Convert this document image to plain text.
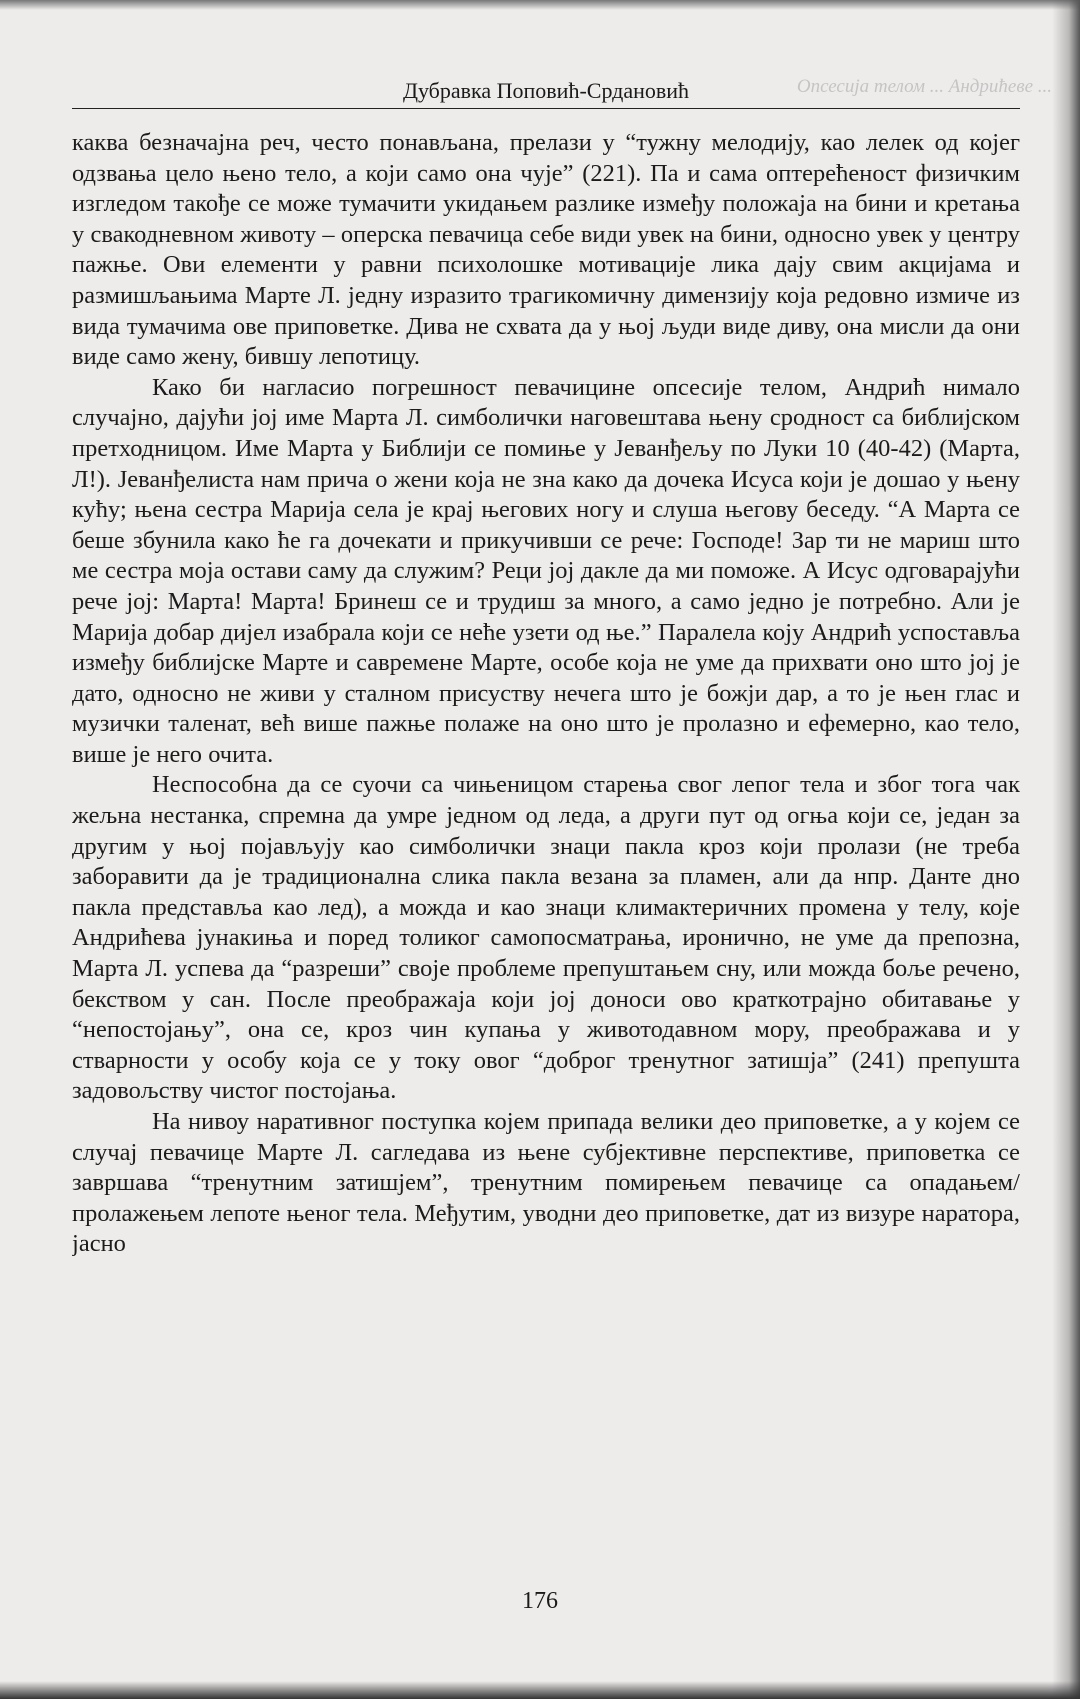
Опсесија телом ... Андрићеве ...
Дубравка Поповић-Срдановић

каква безначајна реч, често понављана, прелази у “тужну мелодију, као лелек од којег одзвања цело њено тело, а који само она чује” (221). Па и сама оптерећеност физичким изгледом такође се може тумачити укидањем разлике између положаја на бини и кретања у свакодневном животу – оперска певачица себе види увек на бини, односно увек у центру пажње. Ови елементи у равни психолошке мотивације лика дају свим акцијама и размишљањима Марте Л. једну изразито трагикомичну димензију која редовно измиче из вида тумачима ове приповетке. Дива не схвата да у њој људи виде диву, она мисли да они виде само жену, бившу лепотицу.

Како би нагласио погрешност певачицине опсесије телом, Андрић нимало случајно, дајући јој име Марта Л. симболички наговештава њену сродност са библијском претходницом. Име Марта у Библији се помиње у Јеванђељу по Луки 10 (40-42) (Марта, Л!). Јеванђелиста нам прича о жени која не зна како да дочека Исуса који је дошао у њену кућу; њена сестра Марија села је крај његових ногу и слуша његову беседу. “А Марта се беше збунила како ће га дочекати и прикучивши се рече: Господе! Зар ти не мариш што ме сестра моја остави саму да служим? Реци јој дакле да ми поможе. А Исус одговарајући рече јој: Марта! Марта! Бринеш се и трудиш за много, а само једно је потребно. Али је Марија добар дијел изабрала који се неће узети од ње.” Паралела коју Андрић успоставља између библијске Марте и савремене Марте, особе која не уме да прихвати оно што јој је дато, односно не живи у сталном присуству нечега што је божји дар, а то је њен глас и музички таленат, већ више пажње полаже на оно што је пролазно и ефемерно, као тело, више је него очита.

Неспособна да се суочи са чињеницом старења свог лепог тела и због тога чак жељна нестанка, спремна да умре једном од леда, а други пут од огња који се, један за другим у њој појављују као симболички знаци пакла кроз који пролази (не треба заборавити да је традиционална слика пакла везана за пламен, али да нпр. Данте дно пакла представља као лед), а можда и као знаци климактеричних промена у телу, које Андрићева јунакиња и поред толиког самопосматрања, иронично, не уме да препозна, Марта Л. успева да “разреши” своје проблеме препуштањем сну, или можда боље речено, бекством у сан. После преображаја који јој доноси ово краткотрајно обитавање у “непостојању”, она се, кроз чин купања у животодавном мору, преображава и у стварности у особу која се у току овог “доброг тренутног затишја” (241) препушта задовољству чистог постојања.

На нивоу наративног поступка којем припада велики део приповетке, а у којем се случај певачице Марте Л. сагледава из њене субјективне перспективе, приповетка се завршава “тренутним затишјем”, тренутним помирењем певачице са опадањем/ пролажењем лепоте њеног тела. Међутим, уводни део приповетке, дат из визуре наратора, јасно

176
